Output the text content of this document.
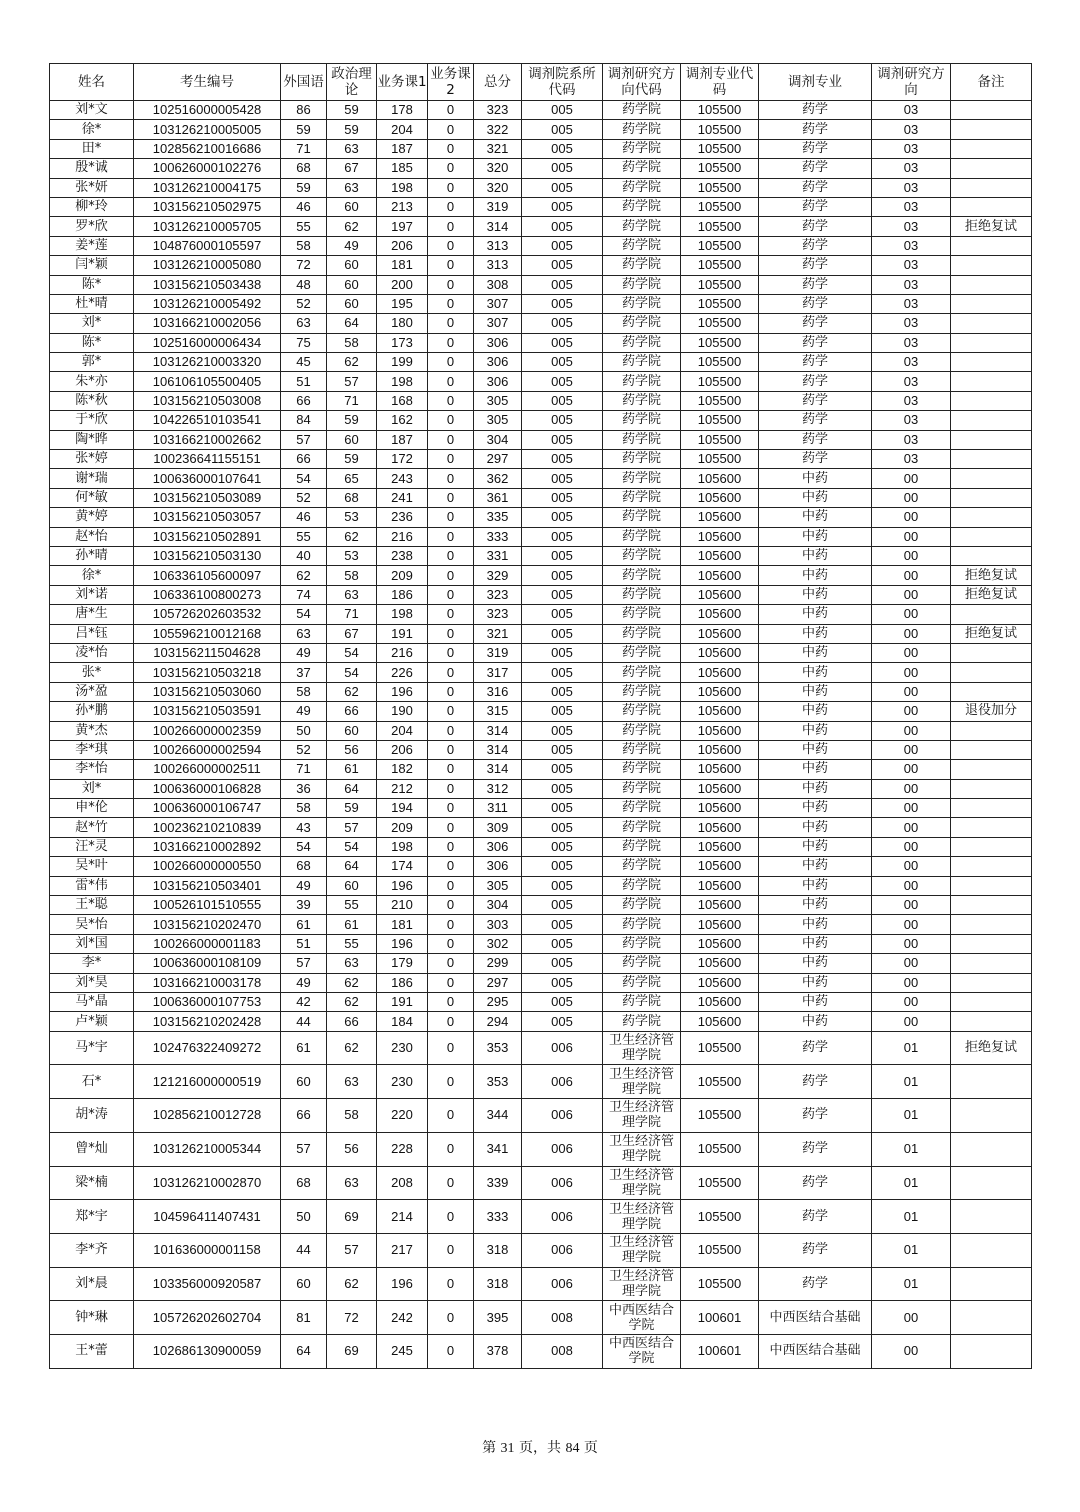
姓名	考生编号	外国语	政治理论	业务课1	业务课2	总分	调剂院系所代码	调剂研究方向代码	调剂专业代码	调剂专业	调剂研究方向	备注
刘*文	102516000005428	86	59	178	0	323	005	药学院	105500	药学	03	
徐*	103126210005005	59	59	204	0	322	005	药学院	105500	药学	03	
田*	102856210016686	71	63	187	0	321	005	药学院	105500	药学	03	
殷*诚	100626000102276	68	67	185	0	320	005	药学院	105500	药学	03	
张*妍	103126210004175	59	63	198	0	320	005	药学院	105500	药学	03	
柳*玲	103156210502975	46	60	213	0	319	005	药学院	105500	药学	03	
罗*欣	103126210005705	55	62	197	0	314	005	药学院	105500	药学	03	拒绝复试
姜*莲	104876000105597	58	49	206	0	313	005	药学院	105500	药学	03	
闫*颖	103126210005080	72	60	181	0	313	005	药学院	105500	药学	03	
陈*	103156210503438	48	60	200	0	308	005	药学院	105500	药学	03	
杜*晴	103126210005492	52	60	195	0	307	005	药学院	105500	药学	03	
刘*	103166210002056	63	64	180	0	307	005	药学院	105500	药学	03	
陈*	102516000006434	75	58	173	0	306	005	药学院	105500	药学	03	
郭*	103126210003320	45	62	199	0	306	005	药学院	105500	药学	03	
朱*亦	106106105500405	51	57	198	0	306	005	药学院	105500	药学	03	
陈*秋	103156210503008	66	71	168	0	305	005	药学院	105500	药学	03	
于*欣	104226510103541	84	59	162	0	305	005	药学院	105500	药学	03	
陶*晔	103166210002662	57	60	187	0	304	005	药学院	105500	药学	03	
张*婷	100236641155151	66	59	172	0	297	005	药学院	105500	药学	03	
谢*瑞	100636000107641	54	65	243	0	362	005	药学院	105600	中药	00	
何*敏	103156210503089	52	68	241	0	361	005	药学院	105600	中药	00	
黄*婷	103156210503057	46	53	236	0	335	005	药学院	105600	中药	00	
赵*怡	103156210502891	55	62	216	0	333	005	药学院	105600	中药	00	
孙*晴	103156210503130	40	53	238	0	331	005	药学院	105600	中药	00	
徐*	106336105600097	62	58	209	0	329	005	药学院	105600	中药	00	拒绝复试
刘*诺	106336100800273	74	63	186	0	323	005	药学院	105600	中药	00	拒绝复试
唐*生	105726202603532	54	71	198	0	323	005	药学院	105600	中药	00	
吕*钰	105596210012168	63	67	191	0	321	005	药学院	105600	中药	00	拒绝复试
凌*怡	103156211504628	49	54	216	0	319	005	药学院	105600	中药	00	
张*	103156210503218	37	54	226	0	317	005	药学院	105600	中药	00	
汤*盈	103156210503060	58	62	196	0	316	005	药学院	105600	中药	00	
孙*鹏	103156210503591	49	66	190	0	315	005	药学院	105600	中药	00	退役加分
黄*杰	100266000002359	50	60	204	0	314	005	药学院	105600	中药	00	
李*琪	100266000002594	52	56	206	0	314	005	药学院	105600	中药	00	
李*怡	100266000002511	71	61	182	0	314	005	药学院	105600	中药	00	
刘*	100636000106828	36	64	212	0	312	005	药学院	105600	中药	00	
申*伦	100636000106747	58	59	194	0	311	005	药学院	105600	中药	00	
赵*竹	100236210210839	43	57	209	0	309	005	药学院	105600	中药	00	
汪*灵	103166210002892	54	54	198	0	306	005	药学院	105600	中药	00	
吴*叶	100266000000550	68	64	174	0	306	005	药学院	105600	中药	00	
雷*伟	103156210503401	49	60	196	0	305	005	药学院	105600	中药	00	
王*聪	100526101510555	39	55	210	0	304	005	药学院	105600	中药	00	
吴*怡	103156210202470	61	61	181	0	303	005	药学院	105600	中药	00	
刘*国	100266000001183	51	55	196	0	302	005	药学院	105600	中药	00	
李*	100636000108109	57	63	179	0	299	005	药学院	105600	中药	00	
刘*昊	103166210003178	49	62	186	0	297	005	药学院	105600	中药	00	
马*晶	100636000107753	42	62	191	0	295	005	药学院	105600	中药	00	
卢*颖	103156210202428	44	66	184	0	294	005	药学院	105600	中药	00	
马*宇	102476322409272	61	62	230	0	353	006	卫生经济管理学院	105500	药学	01	拒绝复试
石*	121216000000519	60	63	230	0	353	006	卫生经济管理学院	105500	药学	01	
胡*涛	102856210012728	66	58	220	0	344	006	卫生经济管理学院	105500	药学	01	
曾*灿	103126210005344	57	56	228	0	341	006	卫生经济管理学院	105500	药学	01	
梁*楠	103126210002870	68	63	208	0	339	006	卫生经济管理学院	105500	药学	01	
郑*宇	104596411407431	50	69	214	0	333	006	卫生经济管理学院	105500	药学	01	
李*齐	101636000001158	44	57	217	0	318	006	卫生经济管理学院	105500	药学	01	
刘*晨	103356000920587	60	62	196	0	318	006	卫生经济管理学院	105500	药学	01	
钟*琳	105726202602704	81	72	242	0	395	008	中西医结合学院	100601	中西医结合基础	00	
王*蕾	102686130900059	64	69	245	0	378	008	中西医结合学院	100601	中西医结合基础	00	
第 31 页，共 84 页
